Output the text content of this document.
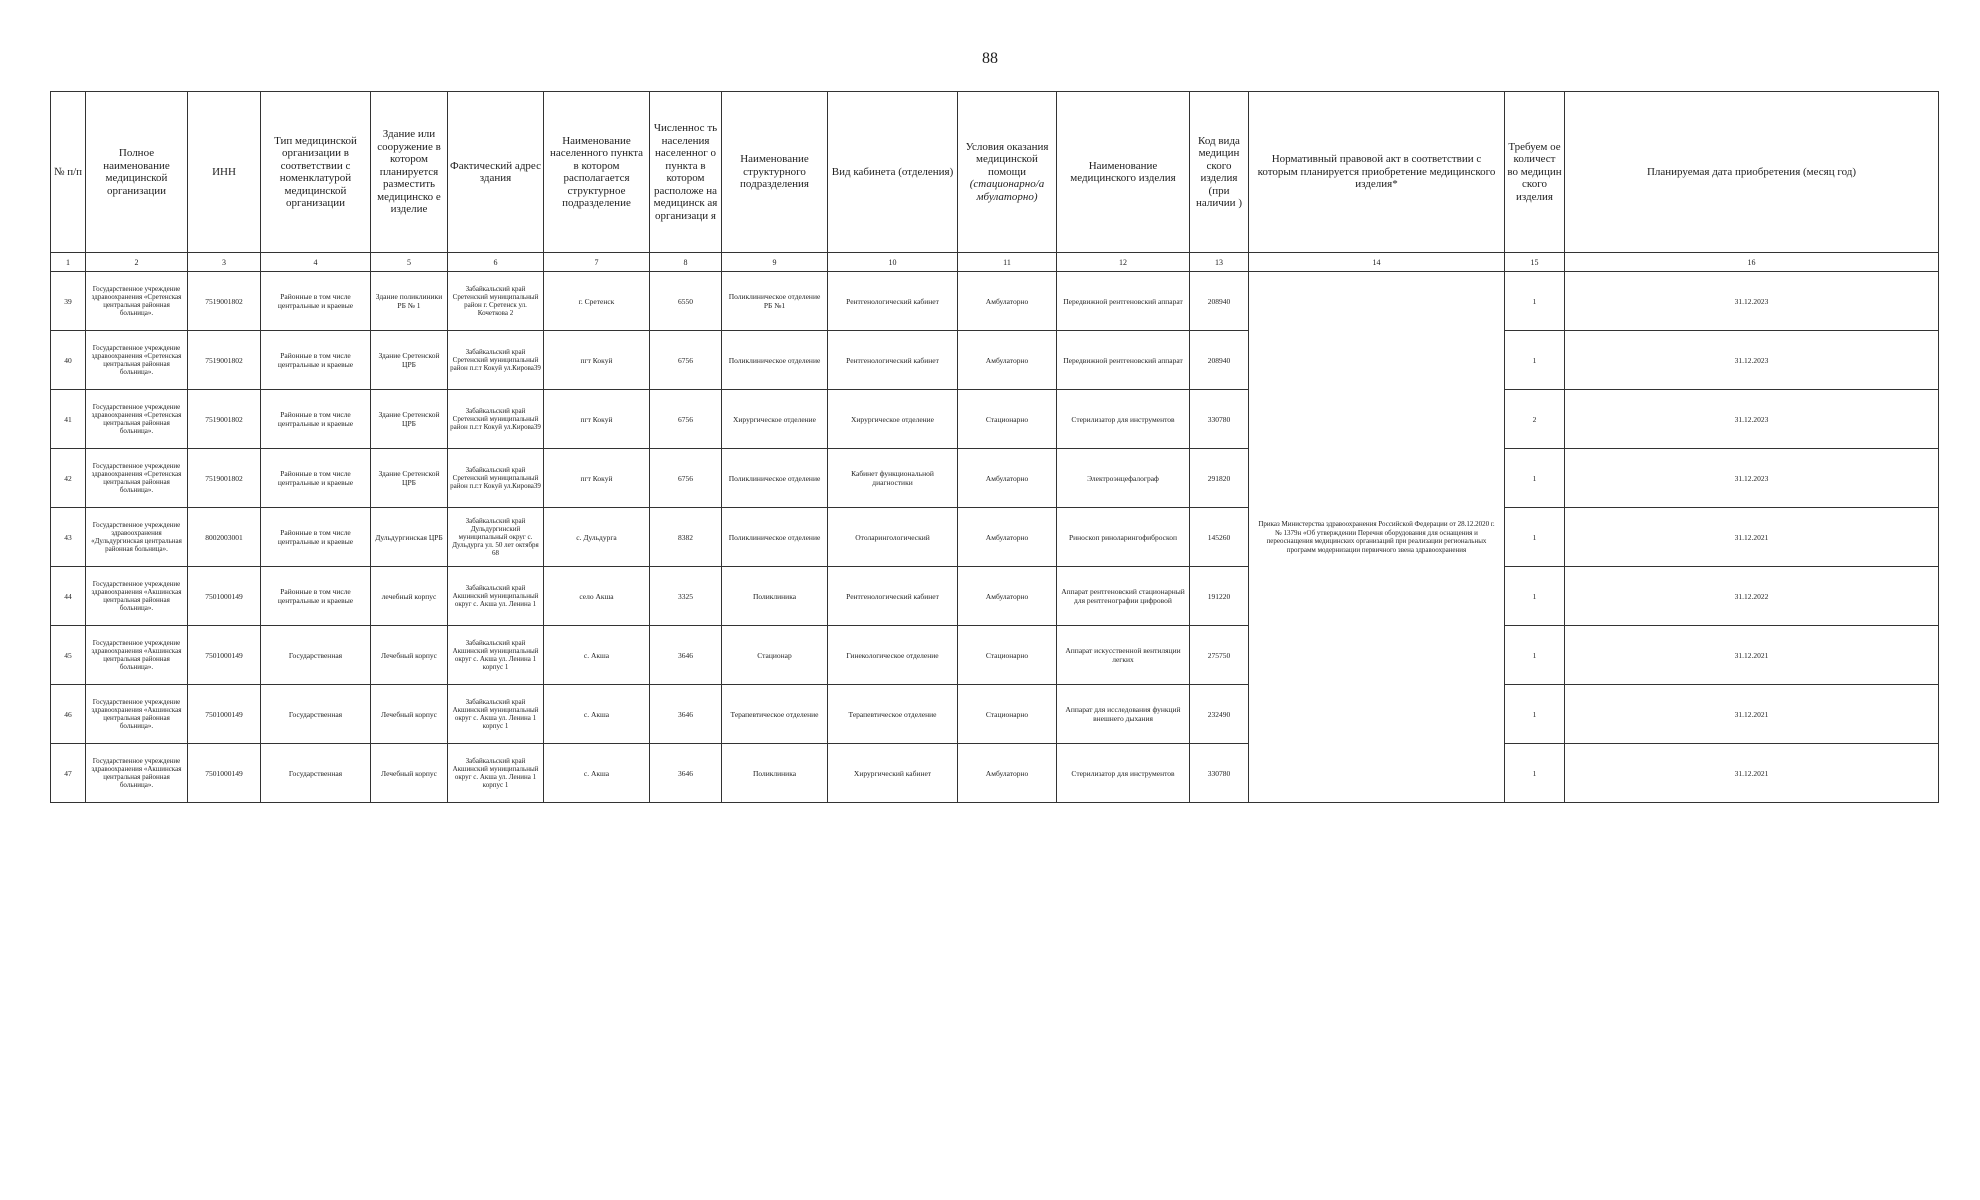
88
№ п/п	Полное наименование медицинской организации	ИНН	Тип медицинской организации в соответствии с номенклатурой медицинской организации	Здание или сооружение в котором планируется разместить медицинско е изделие	Фактический адрес здания	Наименование населенного пункта в котором располагается структурное подразделение	Численнос ть населения населенног о пункта в котором расположе на медицинск ая организаци я	Наименование структурного подразделения	Вид кабинета (отделения)	Условия оказания медицинской помощи
(стационарно/а мбулаторно)	Наименование медицинского изделия	Код вида медицин ского изделия (при наличии )	Нормативный правовой акт в соответствии с которым планируется приобретение медицинского изделия*	Требуем ое количест во медицин ского изделия	Планируемая дата приобретения (месяц год)
1	2	3	4	5	6	7	8	9	10	11	12	13	14	15	16
39	Государственное учреждение здравоохранения «Сретенская центральная районная больница».	7519001802	Районные в том числе центральные и краевые	Здание поликлиники РБ № 1	Забайкальский край Сретенский муниципальный район г. Сретенск ул. Кочеткова 2	г. Сретенск	6550	Поликлиническое отделение РБ №1	Рентгенологический кабинет	Амбулаторно	Передвижной рентгеновский аппарат	208940	Приказ Министерства здравоохранения Российской Федерации от 28.12.2020 г. № 1379н «Об утверждении Перечня оборудования для оснащения и переоснащения медицинских организаций при реализации региональных программ модернизации первичного звена здравоохранения	1	31.12.2023
40	Государственное учреждение здравоохранения «Сретенская центральная районная больница».	7519001802	Районные в том числе центральные и краевые	Здание Сретенской ЦРБ	Забайкальский край Сретенский муниципальный район п.г.т Кокуй ул.Кирова39	пгт Кокуй	6756	Поликлиническое отделение	Рентгенологический кабинет	Амбулаторно	Передвижной рентгеновский аппарат	208940		1	31.12.2023
41	Государственное учреждение здравоохранения «Сретенская центральная районная больница».	7519001802	Районные в том числе центральные и краевые	Здание Сретенской ЦРБ	Забайкальский край Сретенский муниципальный район п.г.т Кокуй ул.Кирова39	пгт Кокуй	6756	Хирургическое отделение	Хирургическое отделение	Стационарно	Стерилизатор для инструментов	330780		2	31.12.2023
42	Государственное учреждение здравоохранения «Сретенская центральная районная больница».	7519001802	Районные в том числе центральные и краевые	Здание Сретенской ЦРБ	Забайкальский край Сретенский муниципальный район п.г.т Кокуй ул.Кирова39	пгт Кокуй	6756	Поликлиническое отделение	Кабинет функциональной диагностики	Амбулаторно	Электроэнцефалограф	291820		1	31.12.2023
43	Государственное учреждение здравоохранения «Дульдургинская центральная районная больница».	8002003001	Районные в том числе центральные и краевые	Дульдургинская ЦРБ	Забайкальский край Дульдургинский муниципальный округ с. Дульдурга ул. 50 лет октября 68	с. Дульдурга	8382	Поликлиническое отделение	Отоларингологический	Амбулаторно	Риноскоп риноларингофиброскоп	145260		1	31.12.2021
44	Государственное учреждение здравоохранения «Акшинская центральная районная больница».	7501000149	Районные в том числе центральные и краевые	лечебный корпус	Забайкальский край Акшинский муниципальный округ с. Акша ул. Ленина 1	село Акша	3325	Поликлиника	Рентгенологический кабинет	Амбулаторно	Аппарат рентгеновский стационарный для рентгенографии цифровой	191220		1	31.12.2022
45	Государственное учреждение здравоохранения «Акшинская центральная районная больница».	7501000149	Государственная	Лечебный корпус	Забайкальский край Акшинский муниципальный округ с. Акша ул. Ленина 1 корпус 1	с. Акша	3646	Стационар	Гинекологическое отделение	Стационарно	Аппарат искусственной вентиляции легких	275750		1	31.12.2021
46	Государственное учреждение здравоохранения «Акшинская центральная районная больница».	7501000149	Государственная	Лечебный корпус	Забайкальский край Акшинский муниципальный округ с. Акша ул. Ленина 1 корпус 1	с. Акша	3646	Терапевтическое отделение	Терапевтическое отделение	Стационарно	Аппарат для исследования функций внешнего дыхания	232490		1	31.12.2021
47	Государственное учреждение здравоохранения «Акшинская центральная районная больница».	7501000149	Государственная	Лечебный корпус	Забайкальский край Акшинский муниципальный округ с. Акша ул. Ленина 1 корпус 1	с. Акша	3646	Поликлиника	Хирургический кабинет	Амбулаторно	Стерилизатор для инструментов	330780		1	31.12.2021
